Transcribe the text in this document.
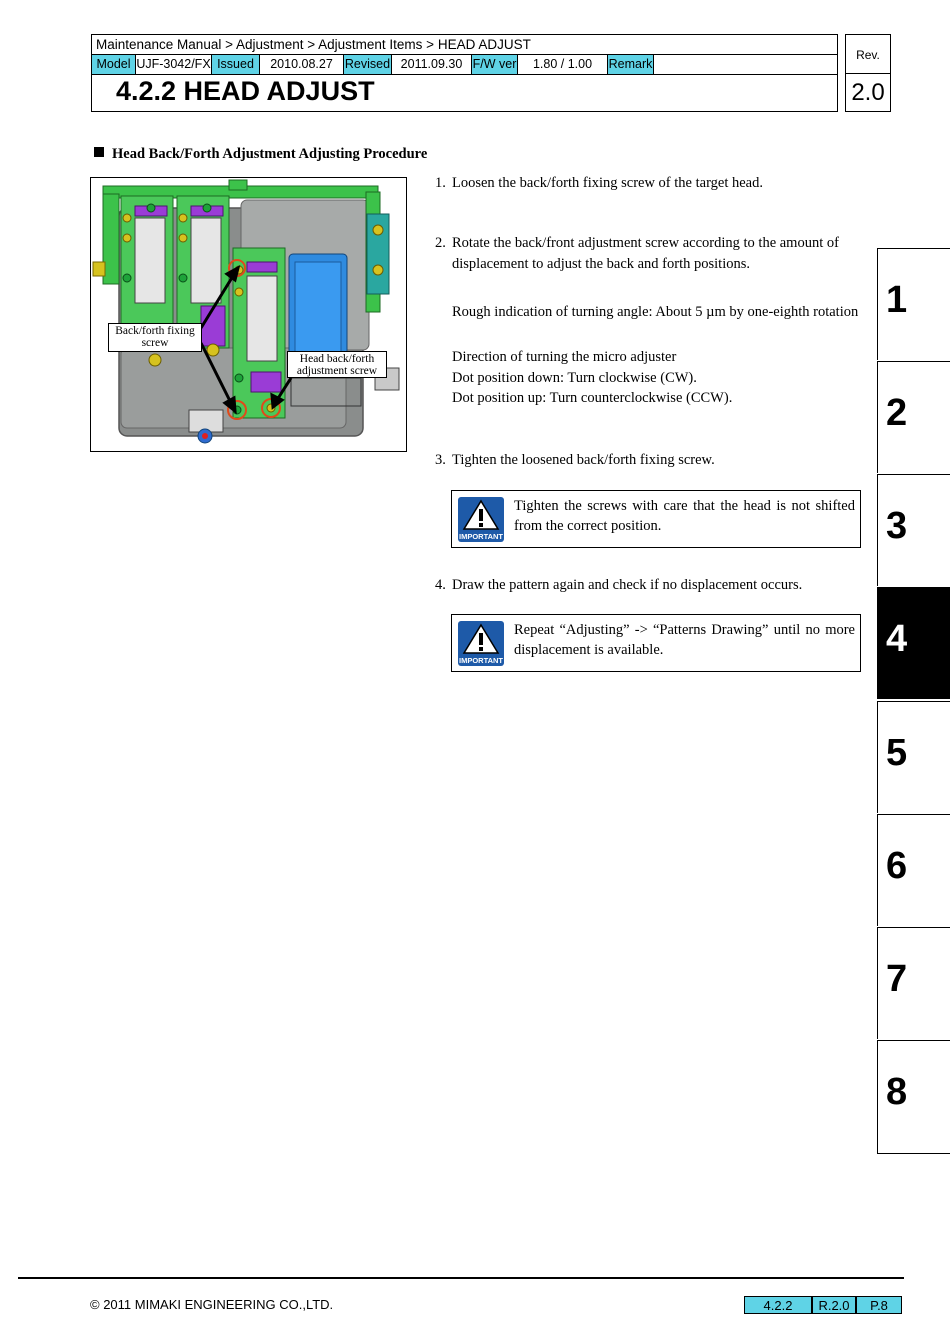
Maintenance Manual > Adjustment > Adjustment Items > HEAD ADJUST
Model UJF-3042/FX Issued	2010.08.27 Revised 2011.09.30 F/W ver	1.80 / 1.00	Remark
4.2.2 HEAD ADJUST
Rev.
2.0
Head Back/Forth Adjustment Adjusting Procedure
Back/forth fixing screw
Head back/forth adjustment screw
1. Loosen the back/forth fixing screw of the target head.
2. Rotate the back/front adjustment screw according to the amount of displacement to adjust the back and forth positions.
Rough indication of turning angle: About 5 µm by one-eighth rotation
Direction of turning the micro adjuster
Dot position down: Turn clockwise (CW).
Dot position up: Turn counterclockwise (CCW).
3. Tighten the loosened back/forth fixing screw.
IMPORTANT
Tighten the screws with care that the head is not shifted from the correct position.
4. Draw the pattern again and check if no displacement occurs.
IMPORTANT
Repeat “Adjusting” -> “Patterns Drawing” until no more displacement is available.
1
2
3
4
5
6
7
8
© 2011 MIMAKI ENGINEERING CO.,LTD.	4.2.2	R.2.0	P.8
